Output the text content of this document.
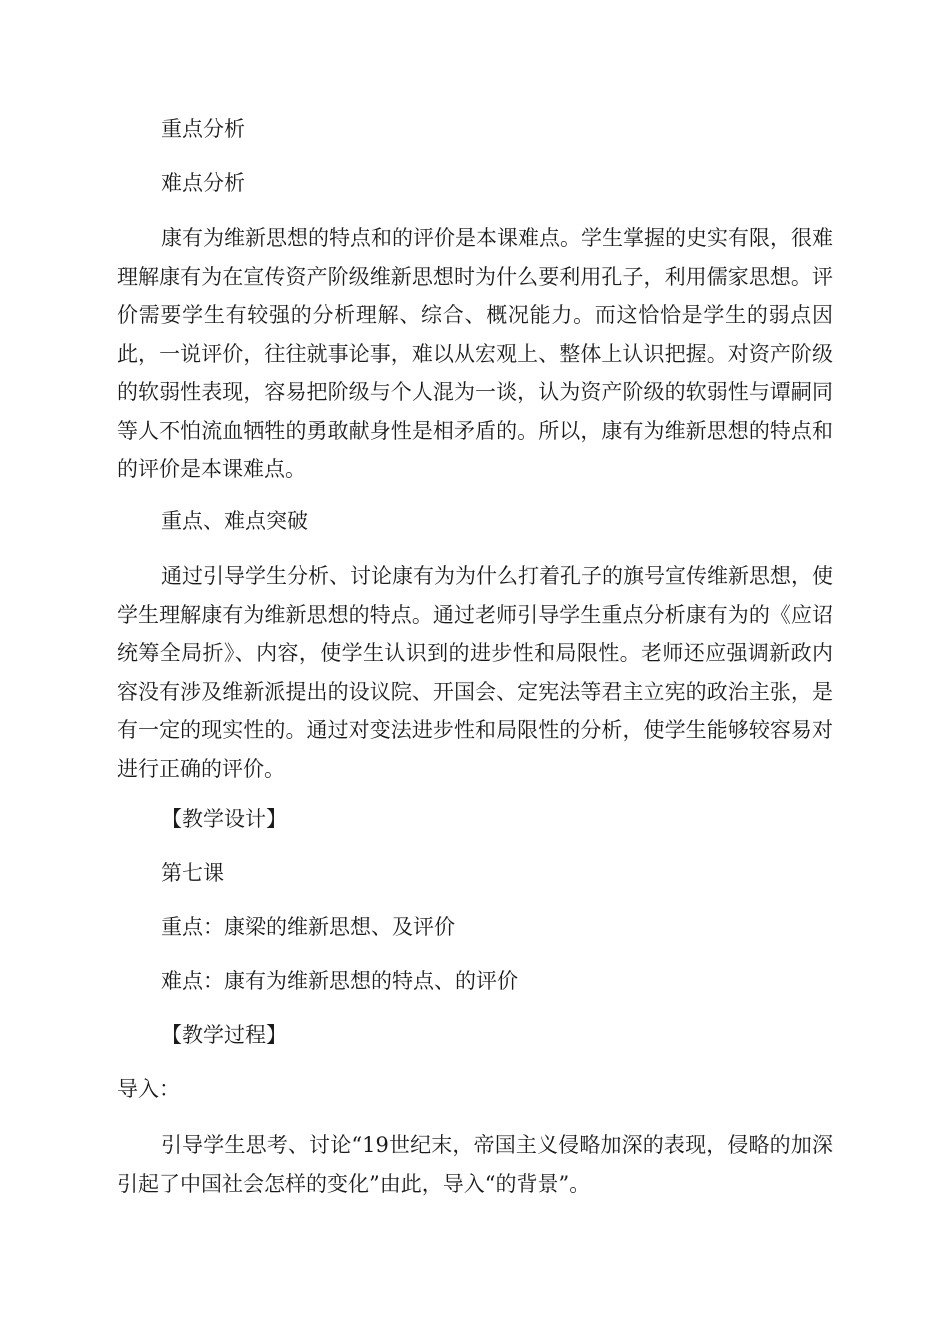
重点分析

难点分析

康有为维新思想的特点和的评价是本课难点。学生掌握的史实有限，很难理解康有为在宣传资产阶级维新思想时为什么要利用孔子，利用儒家思想。评价需要学生有较强的分析理解、综合、概况能力。而这恰恰是学生的弱点因此，一说评价，往往就事论事，难以从宏观上、整体上认识把握。对资产阶级的软弱性表现，容易把阶级与个人混为一谈，认为资产阶级的软弱性与谭嗣同等人不怕流血牺牲的勇敢献身性是相矛盾的。所以，康有为维新思想的特点和的评价是本课难点。

重点、难点突破

通过引导学生分析、讨论康有为为什么打着孔子的旗号宣传维新思想，使学生理解康有为维新思想的特点。通过老师引导学生重点分析康有为的《应诏统筹全局折》、内容，使学生认识到的进步性和局限性。老师还应强调新政内容没有涉及维新派提出的设议院、开国会、定宪法等君主立宪的政治主张，是有一定的现实性的。通过对变法进步性和局限性的分析，使学生能够较容易对进行正确的评价。

【教学设计】

第七课

重点：康梁的维新思想、及评价

难点：康有为维新思想的特点、的评价

【教学过程】

导入：

引导学生思考、讨论“19世纪末，帝国主义侵略加深的表现，侵略的加深引起了中国社会怎样的变化”由此，导入“的背景”。
